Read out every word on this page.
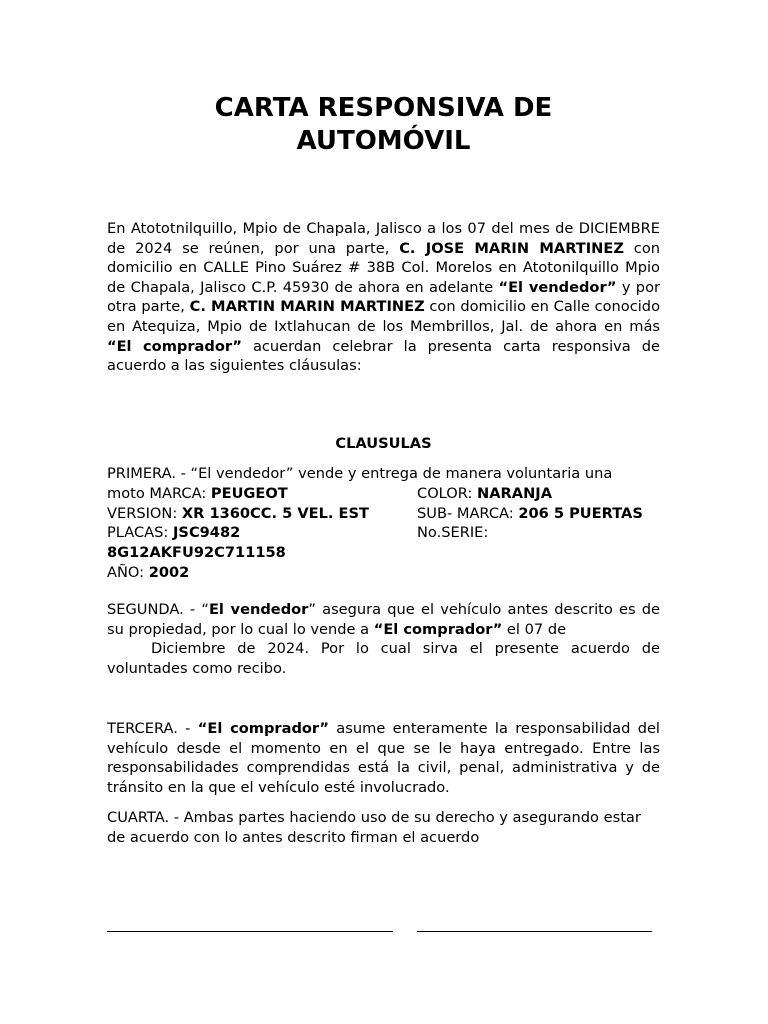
CARTA RESPONSIVA DE
AUTOMÓVIL

En Atototnilquillo, Mpio de Chapala, Jalisco a los 07 del mes de DICIEMBRE de 2024 se reúnen, por una parte, C. JOSE MARIN MARTINEZ con domicilio en CALLE Pino Suárez # 38B Col. Morelos en Atotonilquillo Mpio de Chapala, Jalisco C.P. 45930 de ahora en adelante “El vendedor” y por otra parte, C. MARTIN MARIN MARTINEZ con domicilio en Calle conocido en Atequiza, Mpio de Ixtlahucan de los Membrillos, Jal. de ahora en más “El comprador” acuerdan celebrar la presenta carta responsiva de acuerdo a las siguientes cláusulas:

CLAUSULAS

PRIMERA. - “El vendedor” vende y entrega de manera voluntaria una

moto MARCA: PEUGEOT	COLOR: NARANJA
VERSION: XR 1360CC. 5 VEL. EST	SUB- MARCA: 206 5 PUERTAS
PLACAS: JSC9482	No.SERIE:
8G12AKFU92C711158
AÑO: 2002

SEGUNDA. - “El vendedor” asegura que el vehículo antes descrito es de su propiedad, por lo cual lo vende a “El comprador” el 07 de
Diciembre de 2024. Por lo cual sirva el presente acuerdo de voluntades como recibo.

TERCERA. - “El comprador” asume enteramente la responsabilidad del vehículo desde el momento en el que se le haya entregado. Entre las responsabilidades comprendidas está la civil, penal, administrativa y de tránsito en la que el vehículo esté involucrado.

CUARTA. - Ambas partes haciendo uso de su derecho y asegurando estar de acuerdo con lo antes descrito firman el acuerdo
